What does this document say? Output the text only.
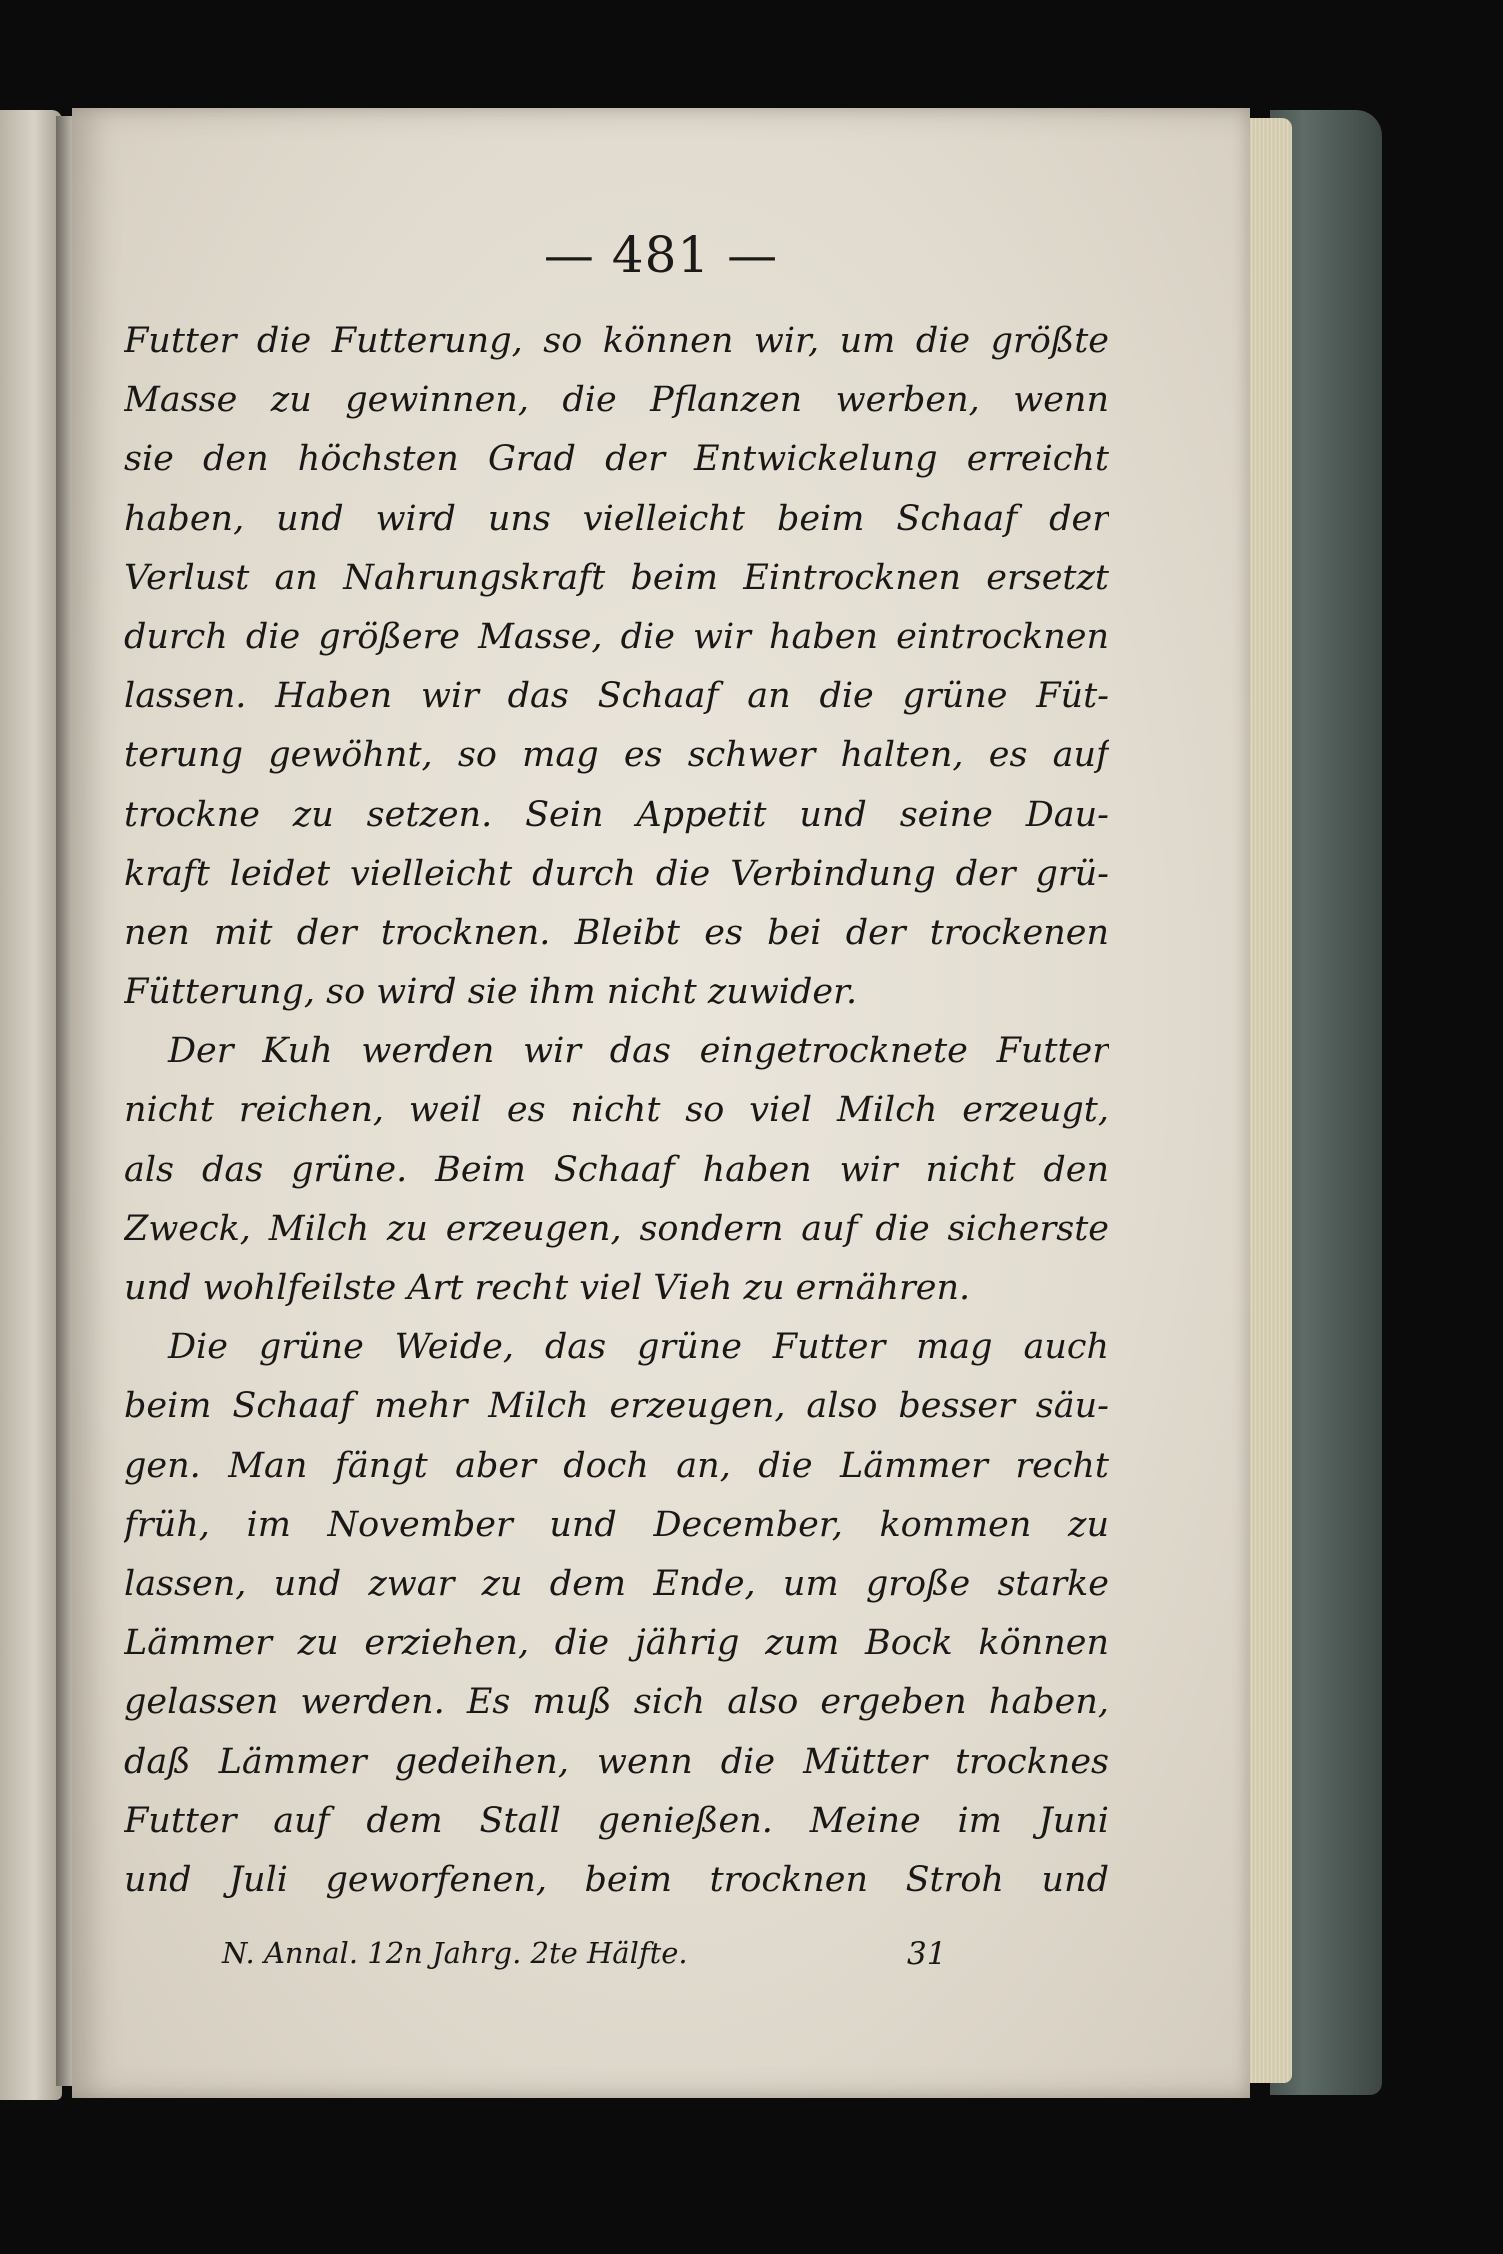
— 481 —
Futter die Futterung, so können wir, um die größte
Masse zu gewinnen, die Pflanzen werben, wenn
sie den höchsten Grad der Entwickelung erreicht
haben, und wird uns vielleicht beim Schaaf der
Verlust an Nahrungskraft beim Eintrocknen ersetzt
durch die größere Masse, die wir haben eintrocknen
lassen. Haben wir das Schaaf an die grüne Füt-
terung gewöhnt, so mag es schwer halten, es auf
trockne zu setzen. Sein Appetit und seine Dau-
kraft leidet vielleicht durch die Verbindung der grü-
nen mit der trocknen. Bleibt es bei der trockenen
Fütterung, so wird sie ihm nicht zuwider.
Der Kuh werden wir das eingetrocknete Futter
nicht reichen, weil es nicht so viel Milch erzeugt,
als das grüne. Beim Schaaf haben wir nicht den
Zweck, Milch zu erzeugen, sondern auf die sicherste
und wohlfeilste Art recht viel Vieh zu ernähren.
Die grüne Weide, das grüne Futter mag auch
beim Schaaf mehr Milch erzeugen, also besser säu-
gen. Man fängt aber doch an, die Lämmer recht
früh, im November und December, kommen zu
lassen, und zwar zu dem Ende, um große starke
Lämmer zu erziehen, die jährig zum Bock können
gelassen werden. Es muß sich also ergeben haben,
daß Lämmer gedeihen, wenn die Mütter trocknes
Futter auf dem Stall genießen. Meine im Juni
und Juli geworfenen, beim trocknen Stroh und
N. Annal. 12n Jahrg. 2te Hälfte.	31
